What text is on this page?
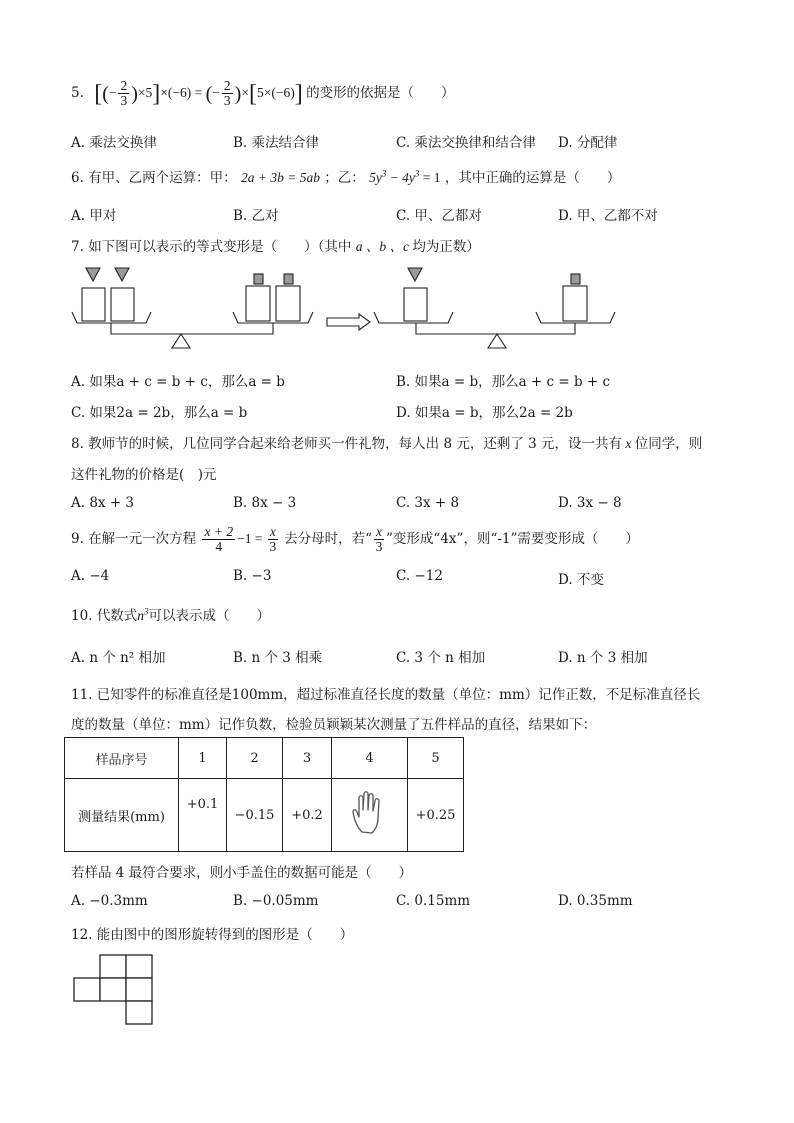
5. [(− $\frac{2}{3} )\times 5]\times(-6)$ = (− $\frac{2}{3} )\times[5\times(-6)]$ 的变形的依据是（　　）
A. 乘法交换律	B. 乘法结合律	C. 乘法交换律和结合律 D. 分配律
6. 有甲、乙两个运算：甲： 2a + 3b = 5ab ；乙： $5y^3 - 4y^3 = 1$ ，其中正确的运算是（　　）
A. 甲对	B. 乙对	C. 甲、乙都对	D. 甲、乙都不对
7. 如下图可以表示的等式变形是（　　）（其中 a 、b 、c 均为正数）
A. 如果a + c = b + c，那么a = b	B. 如果a = b，那么a + c = b + c
C. 如果2a = 2b，那么a = b	D. 如果a = b，那么2a = 2b
8. 教师节的时候，几位同学合起来给老师买一件礼物，每人出 8 元，还剩了 3 元，设一共有 x 位同学，则
这件礼物的价格是(　)元
A. 8x + 3	B. 8x − 3	C. 3x + 8	D. 3x − 8
9. 在解一元一次方程 $\frac{x + 2}{4} -1 = \frac{x}{3}$ 去分母时，若“ $\frac{x}{3}$ ”变形成“4x”，则“-1”需要变形成（　　）
A. −4	B. −3	C. −12	D. 不变
10. 代数式$n^3$可以表示成（　　）
A. n 个 n² 相加	B. n 个 3 相乘	C. 3 个 n 相加	D. n 个 3 相加
11. 已知零件的标准直径是100mm，超过标准直径长度的数量（单位：mm）记作正数，不足标准直径长
度的数量（单位：mm）记作负数，检验员颖颖某次测量了五件样品的直径，结果如下：
样品序号	1	2	3	4	5
测量结果(mm)	+0.1	−0.15	+0.2		+0.25
若样品 4 最符合要求，则小手盖住的数据可能是（　　）
A. −0.3mm	B. −0.05mm	C. 0.15mm	D. 0.35mm
12. 能由图中的图形旋转得到的图形是（　　）
